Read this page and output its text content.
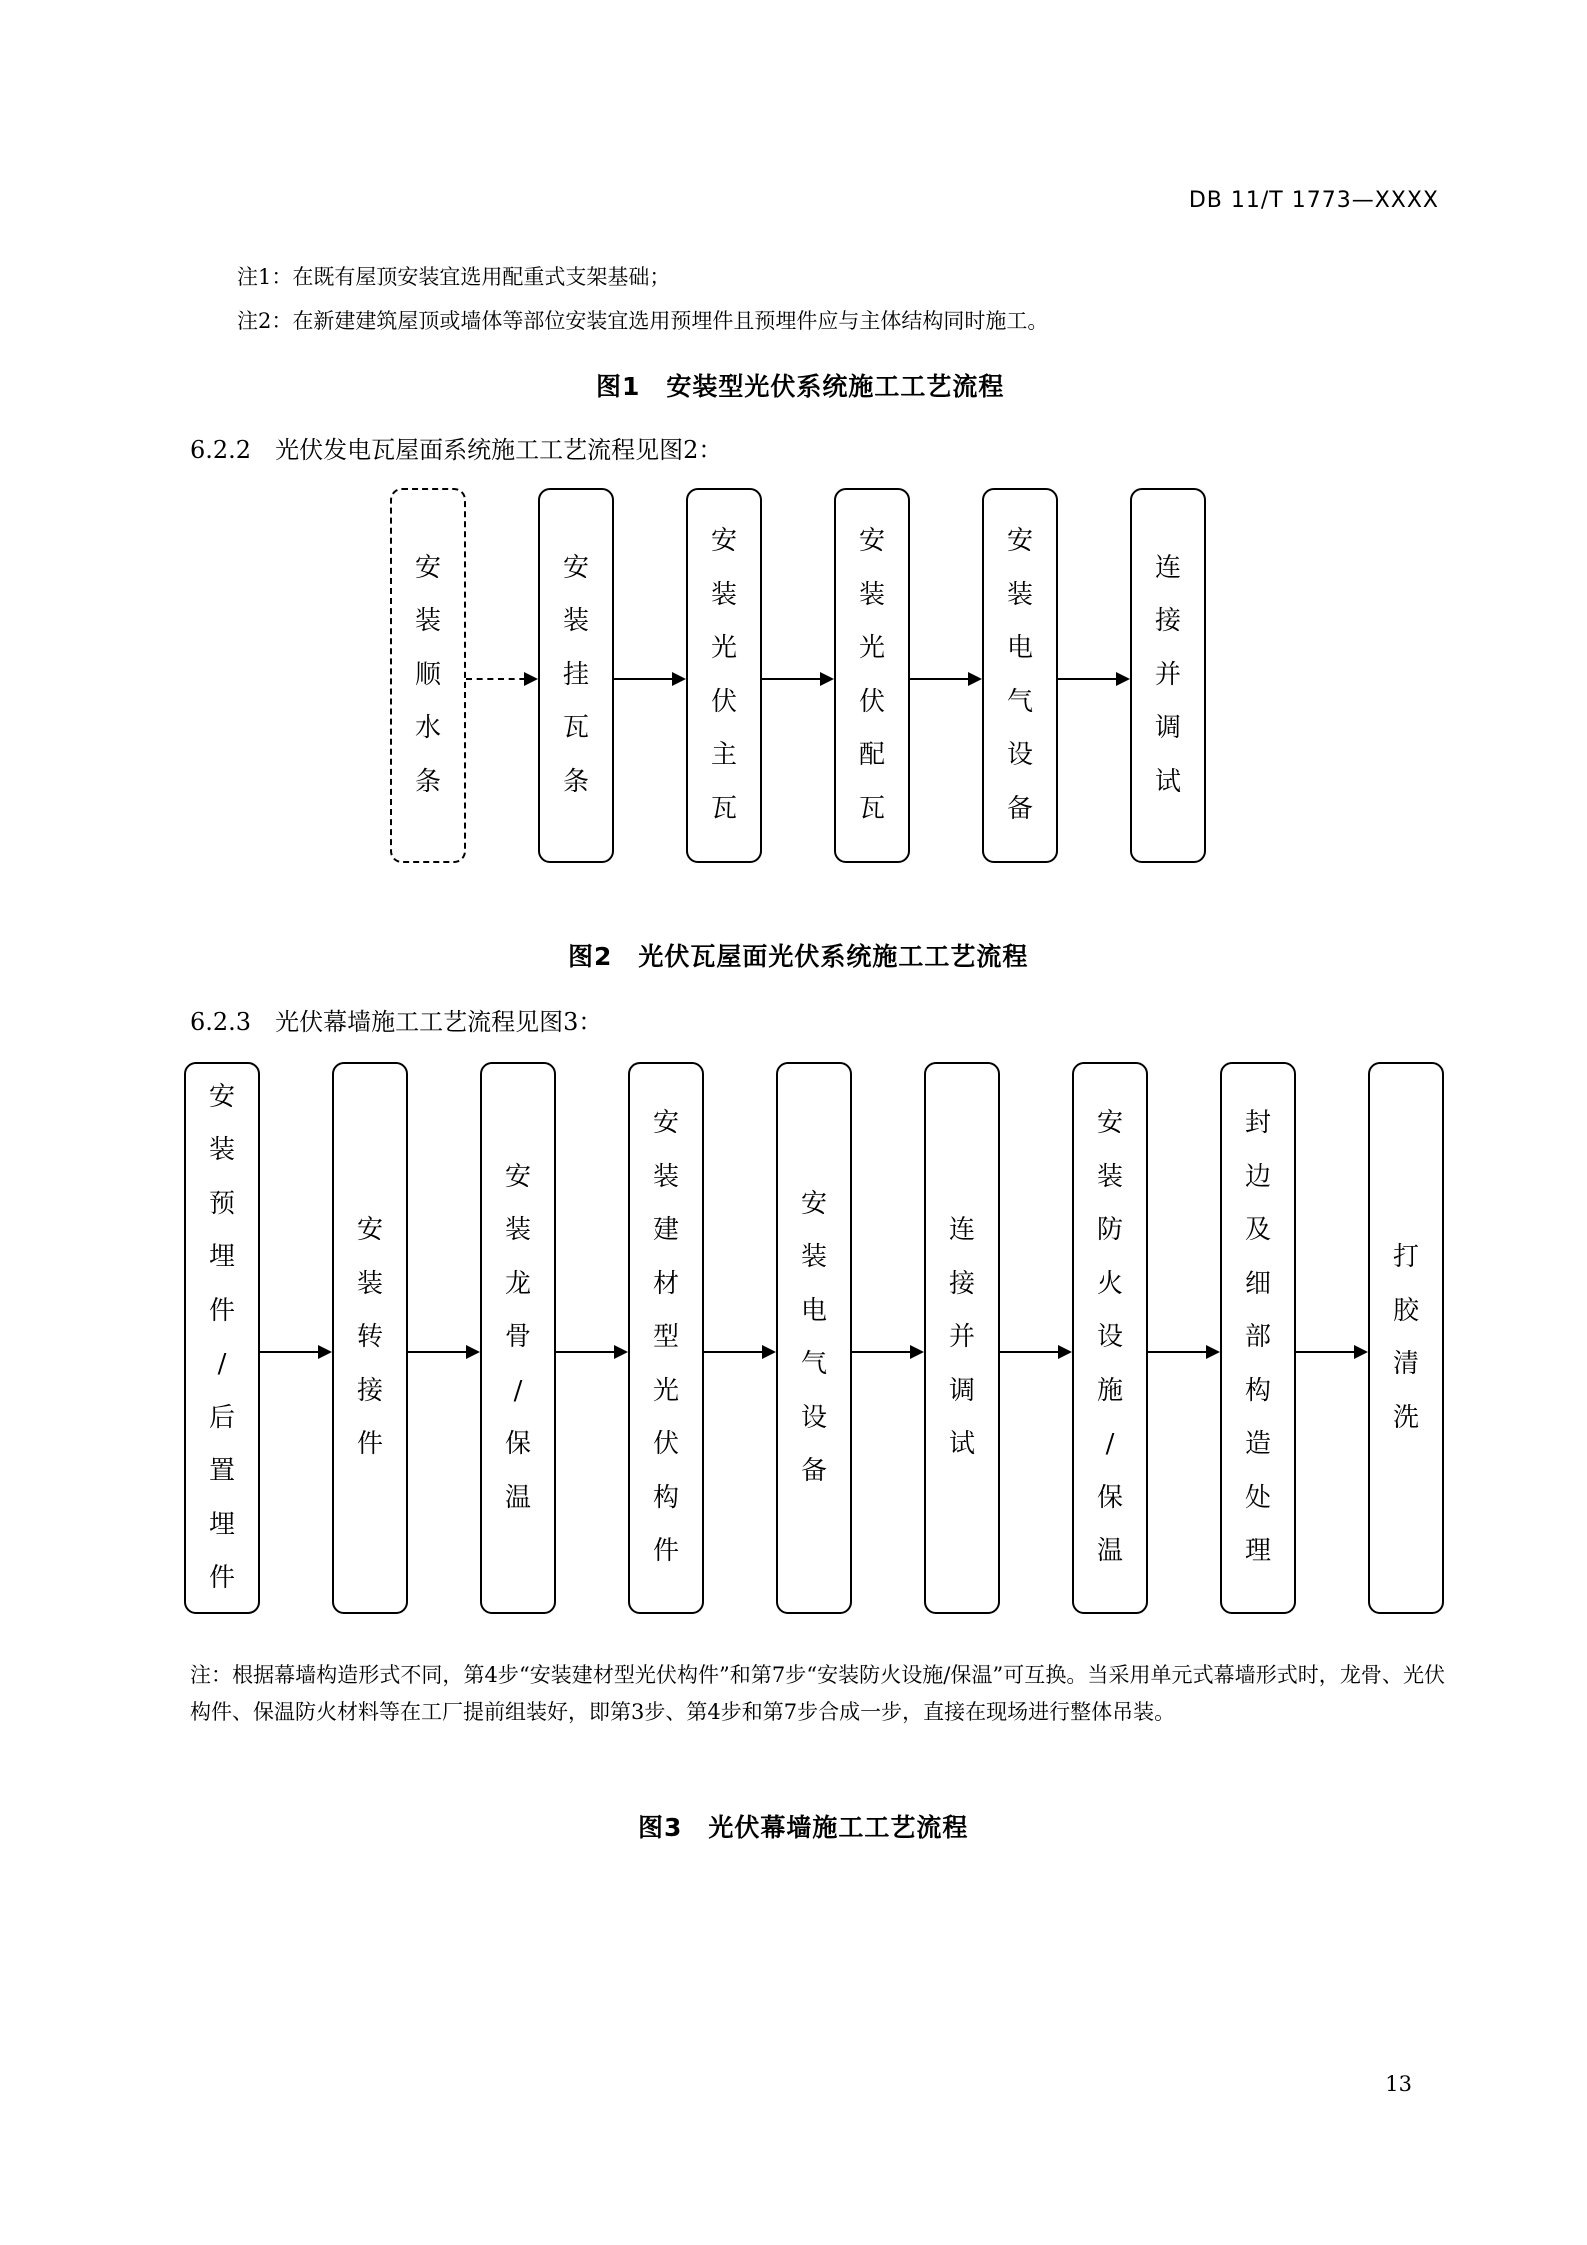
DB 11/T 1773—XXXX
注1：在既有屋顶安装宜选用配重式支架基础；
注2：在新建建筑屋顶或墙体等部位安装宜选用预埋件且预埋件应与主体结构同时施工。
图1　安装型光伏系统施工工艺流程
6.2.2　光伏发电瓦屋面系统施工工艺流程见图2：
安
装
顺
水
条
安
装
挂
瓦
条
安
装
光
伏
主
瓦
安
装
光
伏
配
瓦
安
装
电
气
设
备
连
接
并
调
试
图2　光伏瓦屋面光伏系统施工工艺流程
6.2.3　光伏幕墙施工工艺流程见图3：
安
装
预
埋
件
/
后
置
埋
件
安
装
转
接
件
安
装
龙
骨
/
保
温
安
装
建
材
型
光
伏
构
件
安
装
电
气
设
备
连
接
并
调
试
安
装
防
火
设
施
/
保
温
封
边
及
细
部
构
造
处
理
打
胶
清
洗
注：根据幕墙构造形式不同，第4步“安装建材型光伏构件”和第7步“安装防火设施/保温”可互换。当采用单元式幕墙形式时，龙骨、光伏构件、保温防火材料等在工厂提前组装好，即第3步、第4步和第7步合成一步，直接在现场进行整体吊装。
图3　光伏幕墙施工工艺流程
13
